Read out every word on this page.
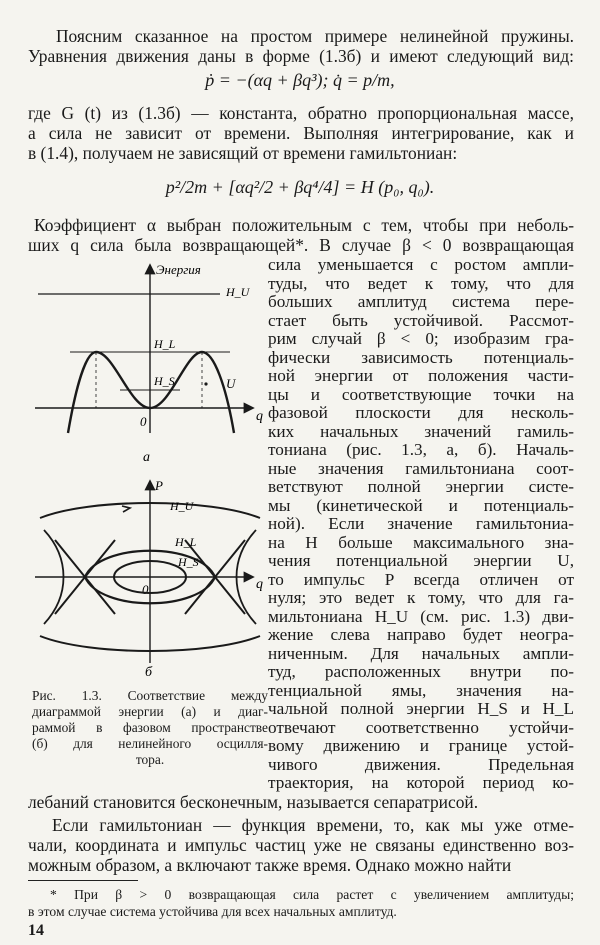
Поясним сказанное на простом примере нелинейной пружины.
Уравнения движения даны в форме (1.3б) и имеют следующий вид:
ṗ = −(αq + βq³); q̇ = p/m,
где G (t) из (1.3б) — константа, обратно пропорциональная массе,
а сила не зависит от времени. Выполняя интегрирование, как и
в (1.4), получаем не зависящий от времени гамильтониан:
p²/2m + [αq²/2 + βq⁴/4] = H (p₀, q₀).
Коэффициент α выбран положительным с тем, чтобы при неболь-
ших q сила была возвращающей*. В случае β < 0 возвращающая
сила уменьшается с ростом ампли-
туды, что ведет к тому, что для
больших амплитуд система пере-
стает быть устойчивой. Рассмот-
рим случай β < 0; изобразим гра-
фически зависимость потенциаль-
ной энергии от положения части-
цы и соответствующие точки на
фазовой плоскости для несколь-
ких начальных значений гамиль-
тониана (рис. 1.3, а, б). Началь-
ные значения гамильтониана соот-
ветствуют полной энергии систе-
мы (кинетической и потенциаль-
ной). Если значение гамильтониа-
на H больше максимального зна-
чения потенциальной энергии U,
то импульс P всегда отличен от
нуля; это ведет к тому, что для га-
мильтониана H_U (см. рис. 1.3) дви-
жение слева направо будет неогра-
ниченным. Для начальных ампли-
туд, расположенных внутри по-
тенциальной ямы, значения на-
чальной полной энергии H_S и H_L
отвечают соответственно устойчи-
вому движению и границе устой-
чивого движения. Предельная
траектория, на которой период ко-
лебаний становится бесконечным, называется сепаратрисой.
Если гамильтониан — функция времени, то, как мы уже отме-
чали, координата и импульс частиц уже не связаны единственно воз-
можным образом, а включают также время. Однако можно найти
* При β > 0 возвращающая сила растет с увеличением амплитуды;
в этом случае система устойчива для всех начальных амплитуд.
14
Энергия
q
0
H_U
H_L
H_S	U
а
P
q
0
H_U
H_L
H_S
б
Рис. 1.3. Соответствие между
диаграммой энергии (а) и диаг-
раммой в фазовом пространстве
(б) для нелинейного осцилля-
тора.
